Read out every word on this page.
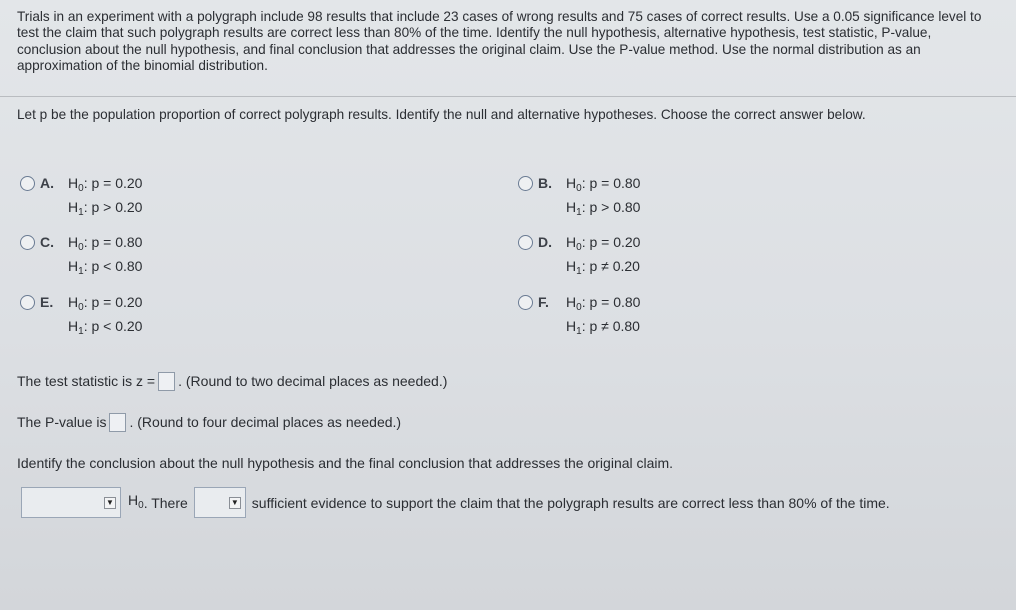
Trials in an experiment with a polygraph include 98 results that include 23 cases of wrong results and 75 cases of correct results. Use a 0.05 significance level to test the claim that such polygraph results are correct less than 80% of the time. Identify the null hypothesis, alternative hypothesis, test statistic, P-value, conclusion about the null hypothesis, and final conclusion that addresses the original claim. Use the P-value method. Use the normal distribution as an approximation of the binomial distribution.
Let p be the population proportion of correct polygraph results. Identify the null and alternative hypotheses. Choose the correct answer below.
A.	$H_0$: p = 0.20
$H_1$: p > 0.20
B.	$H_0$: p = 0.80
$H_1$: p > 0.80
C.	$H_0$: p = 0.80
$H_1$: p < 0.80
D.	$H_0$: p = 0.20
$H_1$: p ≠ 0.20
E.	$H_0$: p = 0.20
$H_1$: p < 0.20
F.	$H_0$: p = 0.80
$H_1$: p ≠ 0.80
The test statistic is z = . (Round to two decimal places as needed.)
The P-value is . (Round to four decimal places as needed.)
Identify the conclusion about the null hypothesis and the final conclusion that addresses the original claim.
▼ $H_0$ . There	▼ sufficient evidence to support the claim that the polygraph results are correct less than 80% of the time.
